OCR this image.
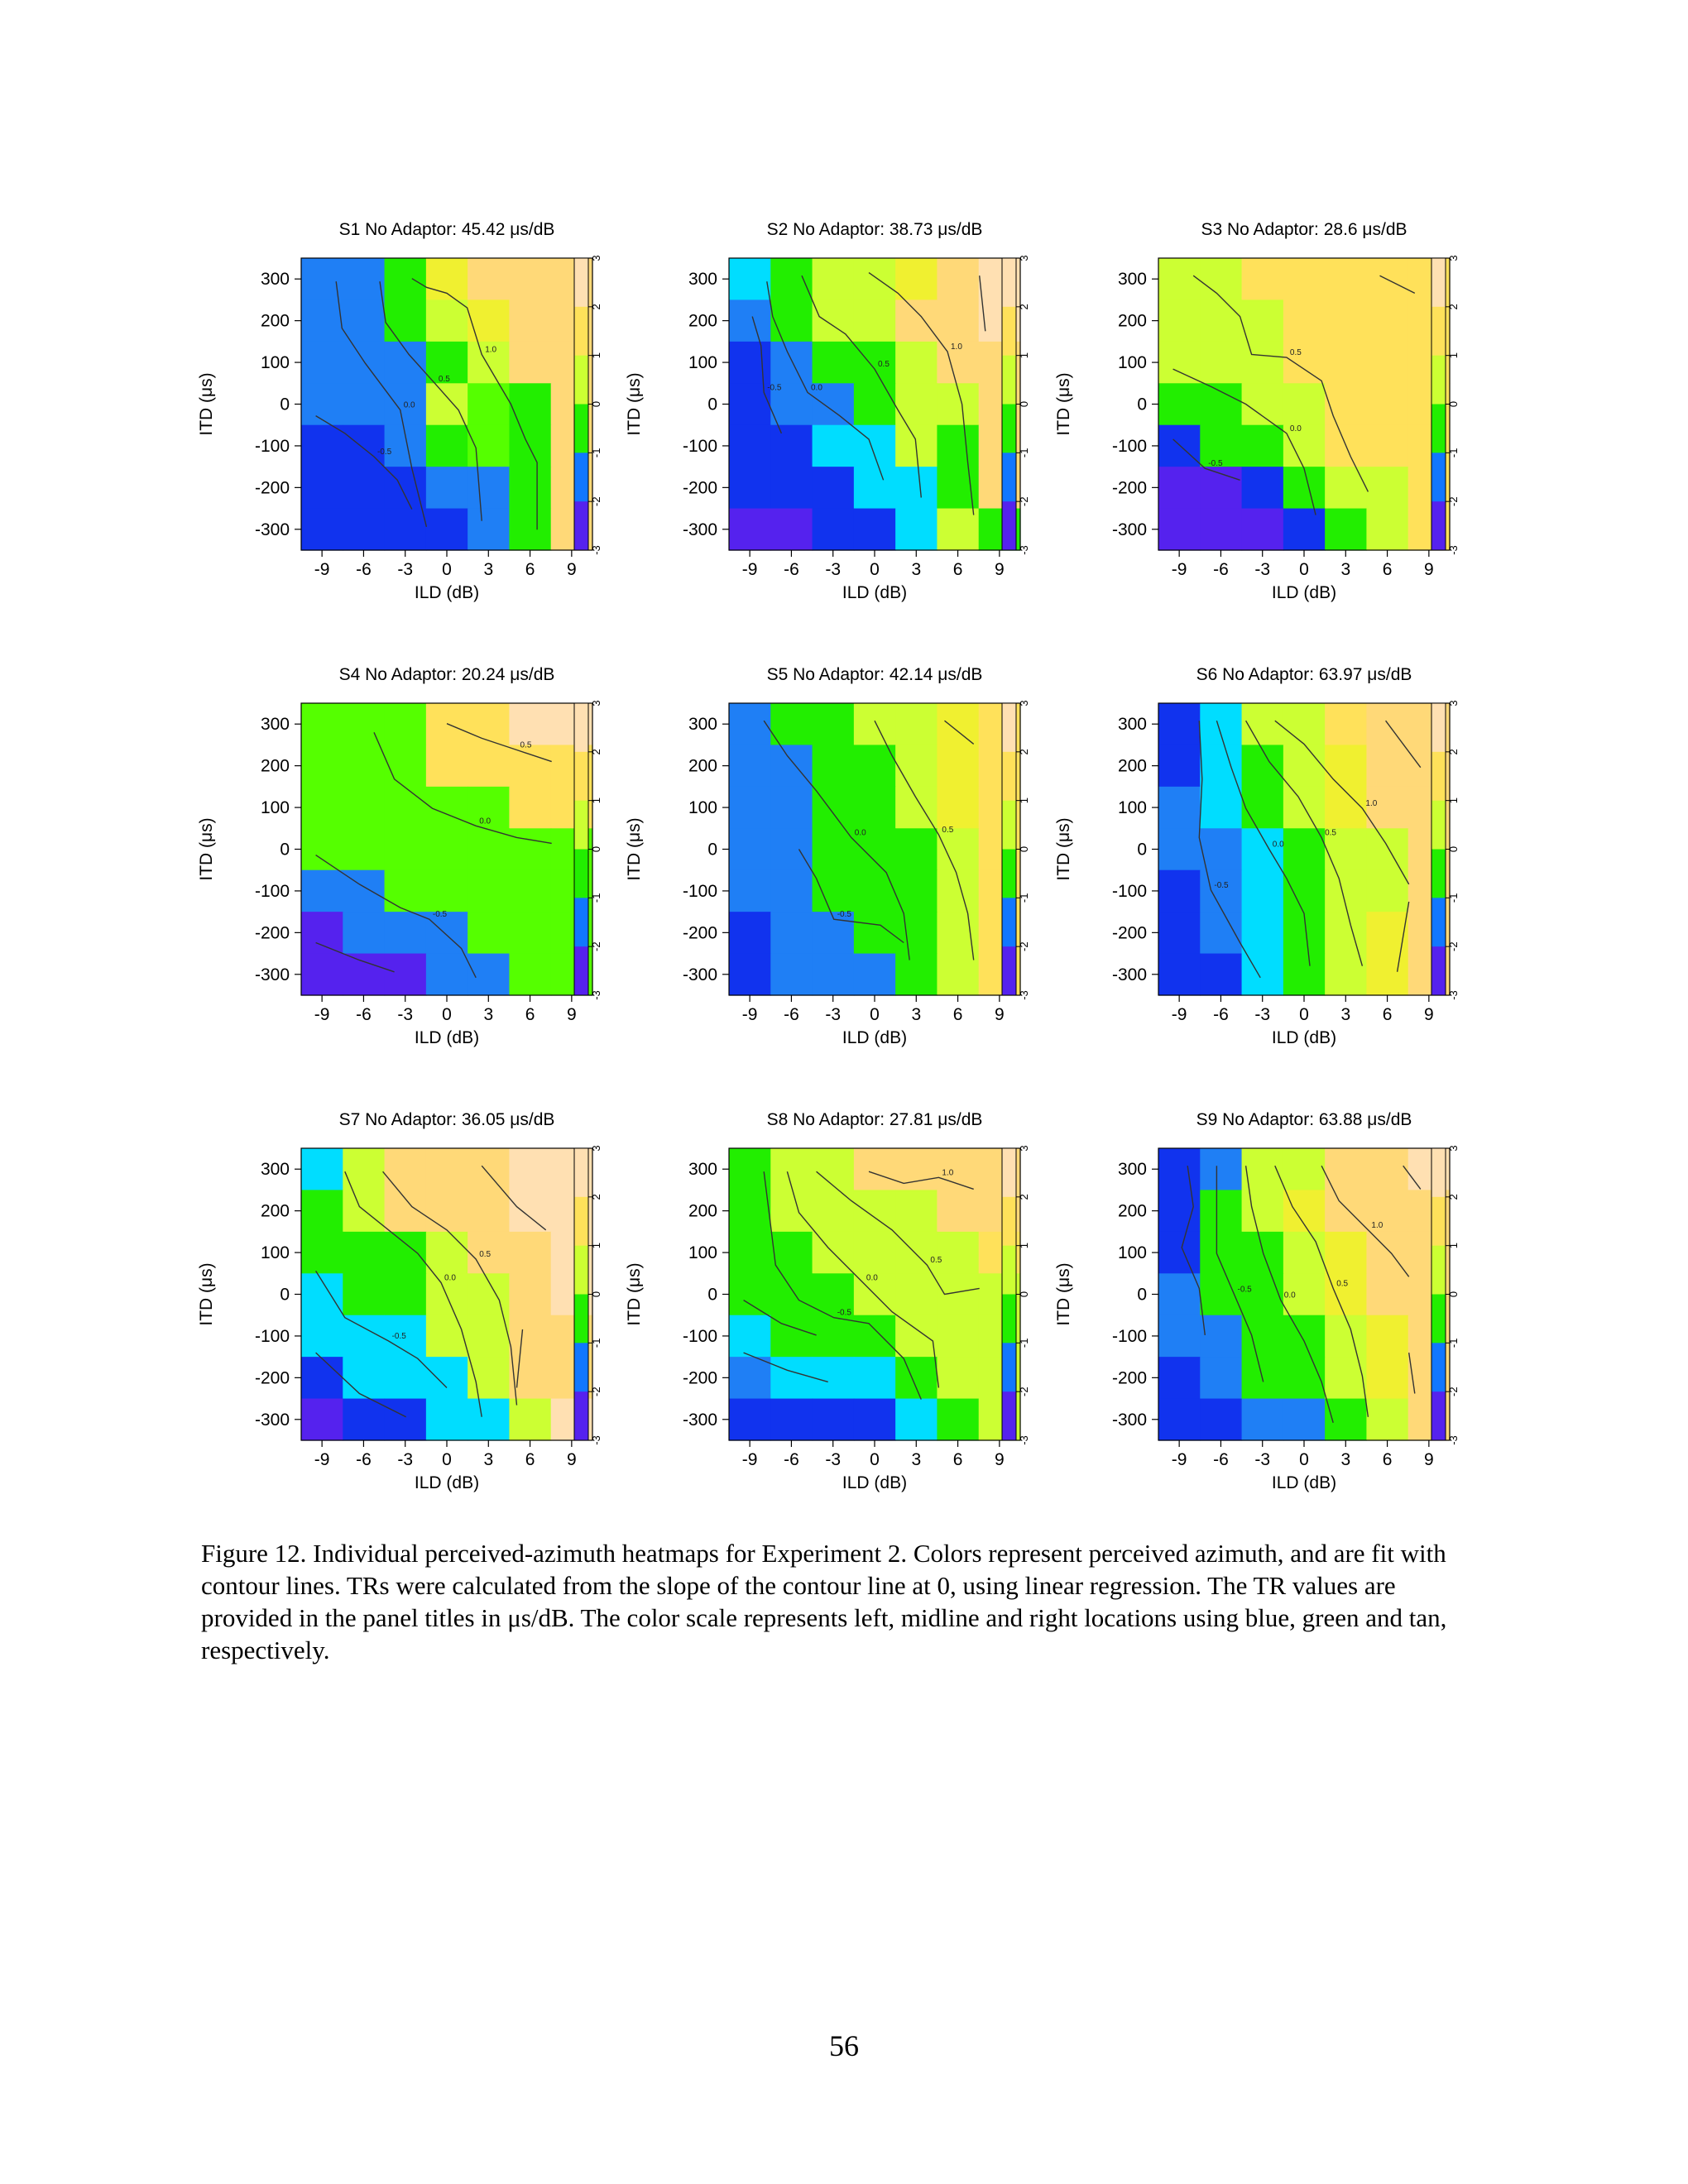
S1 No Adaptor: 45.42 μs/dB
1.0
0.5
0.0
-0.5
-9 -6 -3 0 3 6 9
ILD (dB)
300
200
100
0
-100
-200
-300
ITD (μs)
3
2
1
0
-1
-2
-3
S2 No Adaptor: 38.73 μs/dB
1.0
0.5
0.0
-0.5
-9 -6 -3 0 3 6 9
ILD (dB)
300
200
100
0
-100
-200
-300
ITD (μs)
3
2
1
0
-1
-2
-3
S3 No Adaptor: 28.6 μs/dB
0.5
0.0
-0.5
-9 -6 -3 0 3 6 9
ILD (dB)
300
200
100
0
-100
-200
-300
ITD (μs)
3
2
1
0
-1
-2
-3
S4 No Adaptor: 20.24 μs/dB
0.5
0.0
-0.5
-9 -6 -3 0 3 6 9
ILD (dB)
300
200
100
0
-100
-200
-300
ITD (μs)
3
2
1
0
-1
-2
-3
S5 No Adaptor: 42.14 μs/dB
0.5
0.0
-0.5
-9 -6 -3 0 3 6 9
ILD (dB)
300
200
100
0
-100
-200
-300
ITD (μs)
3
2
1
0
-1
-2
-3
S6 No Adaptor: 63.97 μs/dB
1.0
0.5
0.0
-0.5
-9 -6 -3 0 3 6 9
ILD (dB)
300
200
100
0
-100
-200
-300
ITD (μs)
3
2
1
0
-1
-2
-3
S7 No Adaptor: 36.05 μs/dB
0.5
0.0
-0.5
-9 -6 -3 0 3 6 9
ILD (dB)
300
200
100
0
-100
-200
-300
ITD (μs)
3
2
1
0
-1
-2
-3
S8 No Adaptor: 27.81 μs/dB
1.0
0.5
0.0
-0.5
-9 -6 -3 0 3 6 9
ILD (dB)
300
200
100
0
-100
-200
-300
ITD (μs)
3
2
1
0
-1
-2
-3
S9 No Adaptor: 63.88 μs/dB
1.0
0.5
0.0
-0.5
-9 -6 -3 0 3 6 9
ILD (dB)
300
200
100
0
-100
-200
-300
ITD (μs)
3
2
1
0
-1
-2
-3

Figure 12. Individual perceived-azimuth heatmaps for Experiment 2. Colors represent perceived azimuth, and are fit with contour lines. TRs were calculated from the slope of the contour line at 0, using linear regression. The TR values are provided in the panel titles in μs/dB. The color scale represents left, midline and right locations using blue, green and tan, respectively.

56
